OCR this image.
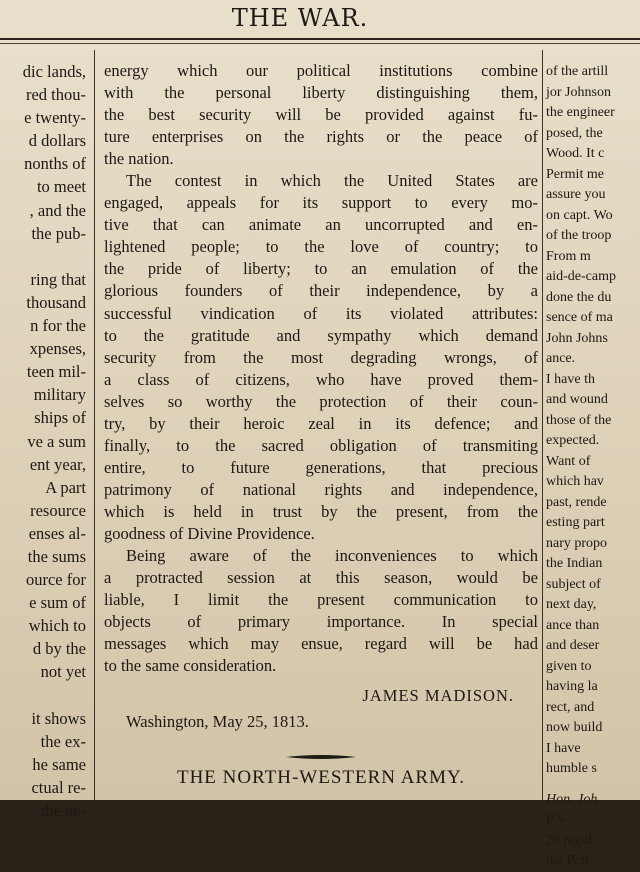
THE WAR.
dic lands,
red thou-
e twenty-
d dollars
nonths of
to meet
, and the
the pub-

ring that
thousand
n for the
xpenses,
teen mil-
military
ships of
ve a sum
ent year,
A part
resource
enses al-
the sums
ource for
e sum of
which to
d by the
not yet

it shows
the ex-
he same
ctual re-
the ne-
energy which our political institutions combine
with the personal liberty distinguishing them,
the best security will be provided against fu-
ture enterprises on the rights or the peace of
the nation.
The contest in which the United States are
engaged, appeals for its support to every mo-
tive that can animate an uncorrupted and en-
lightened people; to the love of country; to
the pride of liberty; to an emulation of the
glorious founders of their independence, by a
successful vindication of its violated attributes:
to the gratitude and sympathy which demand
security from the most degrading wrongs, of
a class of citizens, who have proved them-
selves so worthy the protection of their coun-
try, by their heroic zeal in its defence; and
finally, to the sacred obligation of transmiting
entire, to future generations, that precious
patrimony of national rights and independence,
which is held in trust by the present, from the
goodness of Divine Providence.
Being aware of the inconveniences to which
a protracted session at this season, would be
liable, I limit the present communication to
objects of primary importance. In special
messages which may ensue, regard will be had
to the same consideration.
JAMES MADISON.
Washington, May 25, 1813.
THE NORTH-WESTERN ARMY.
of the artill
jor Johnson
the engineer
posed, the
Wood. It c
Permit me
assure you
on capt. Wo
of the troop
From m
aid-de-camp
done the du
sence of ma
John Johns
ance.
I have th
and wound
those of the
expected.
Want of
which hav
past, rende
esting part
nary propo
the Indian
subject of
next day,
ance than
and deser
given to
having la
rect, and
now build
I have
humble s
Hon. Joh
P S
20 regul
the Pott
